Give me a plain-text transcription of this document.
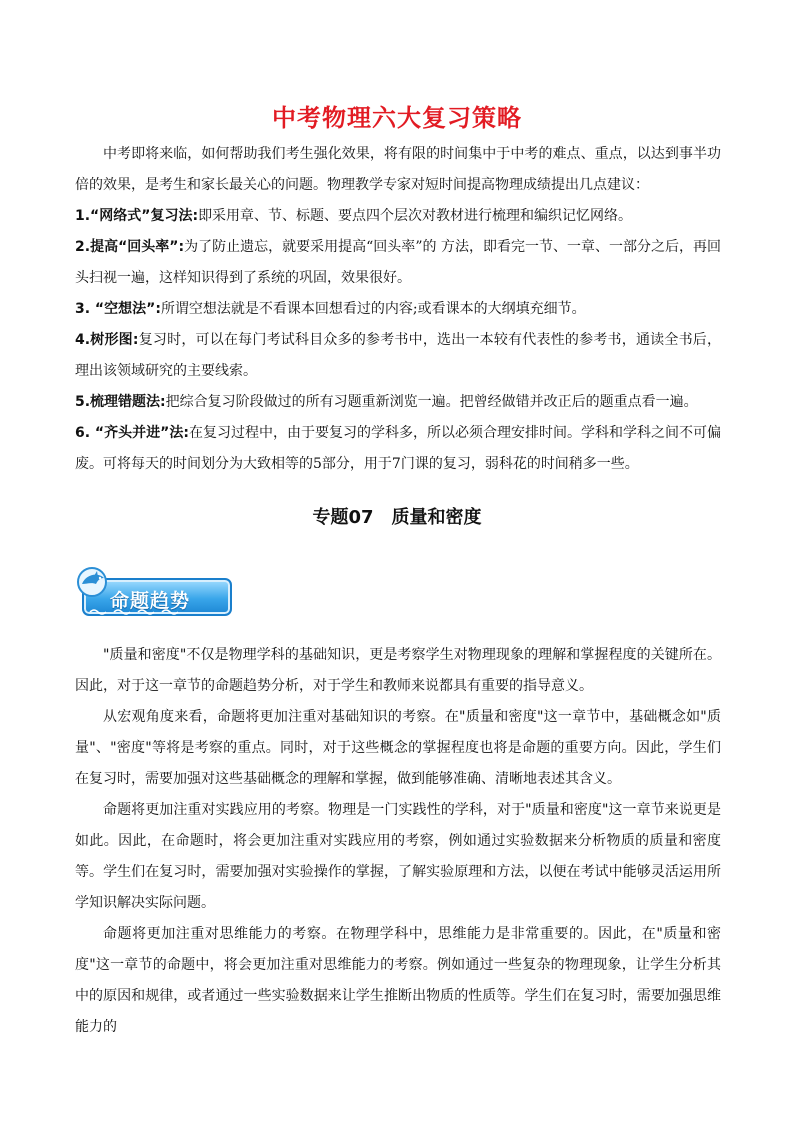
中考物理六大复习策略

中考即将来临，如何帮助我们考生强化效果，将有限的时间集中于中考的难点、重点，以达到事半功倍的效果，是考生和家长最关心的问题。物理教学专家对短时间提高物理成绩提出几点建议：

1.“网络式”复习法:即采用章、节、标题、要点四个层次对教材进行梳理和编织记忆网络。

2.提高“回头率”:为了防止遗忘，就要采用提高“回头率”的 方法，即看完一节、一章、一部分之后，再回头扫视一遍，这样知识得到了系统的巩固，效果很好。

3. “空想法”:所谓空想法就是不看课本回想看过的内容;或看课本的大纲填充细节。

4.树形图:复习时，可以在每门考试科目众多的参考书中，选出一本较有代表性的参考书，通读全书后，理出该领域研究的主要线索。

5.梳理错题法:把综合复习阶段做过的所有习题重新浏览一遍。把曾经做错并改正后的题重点看一遍。

6. “齐头并进”法:在复习过程中，由于要复习的学科多，所以必须合理安排时间。学科和学科之间不可偏废。可将每天的时间划分为大致相等的5部分，用于7门课的复习，弱科花的时间稍多一些。

专题07　质量和密度
命题趋势

"质量和密度"不仅是物理学科的基础知识，更是考察学生对物理现象的理解和掌握程度的关键所在。因此，对于这一章节的命题趋势分析，对于学生和教师来说都具有重要的指导意义。

从宏观角度来看，命题将更加注重对基础知识的考察。在"质量和密度"这一章节中，基础概念如"质量"、"密度"等将是考察的重点。同时，对于这些概念的掌握程度也将是命题的重要方向。因此，学生们在复习时，需要加强对这些基础概念的理解和掌握，做到能够准确、清晰地表述其含义。

命题将更加注重对实践应用的考察。物理是一门实践性的学科，对于"质量和密度"这一章节来说更是如此。因此，在命题时，将会更加注重对实践应用的考察，例如通过实验数据来分析物质的质量和密度等。学生们在复习时，需要加强对实验操作的掌握，了解实验原理和方法，以便在考试中能够灵活运用所学知识解决实际问题。

命题将更加注重对思维能力的考察。在物理学科中，思维能力是非常重要的。因此，在"质量和密度"这一章节的命题中，将会更加注重对思维能力的考察。例如通过一些复杂的物理现象，让学生分析其中的原因和规律，或者通过一些实验数据来让学生推断出物质的性质等。学生们在复习时，需要加强思维能力的
